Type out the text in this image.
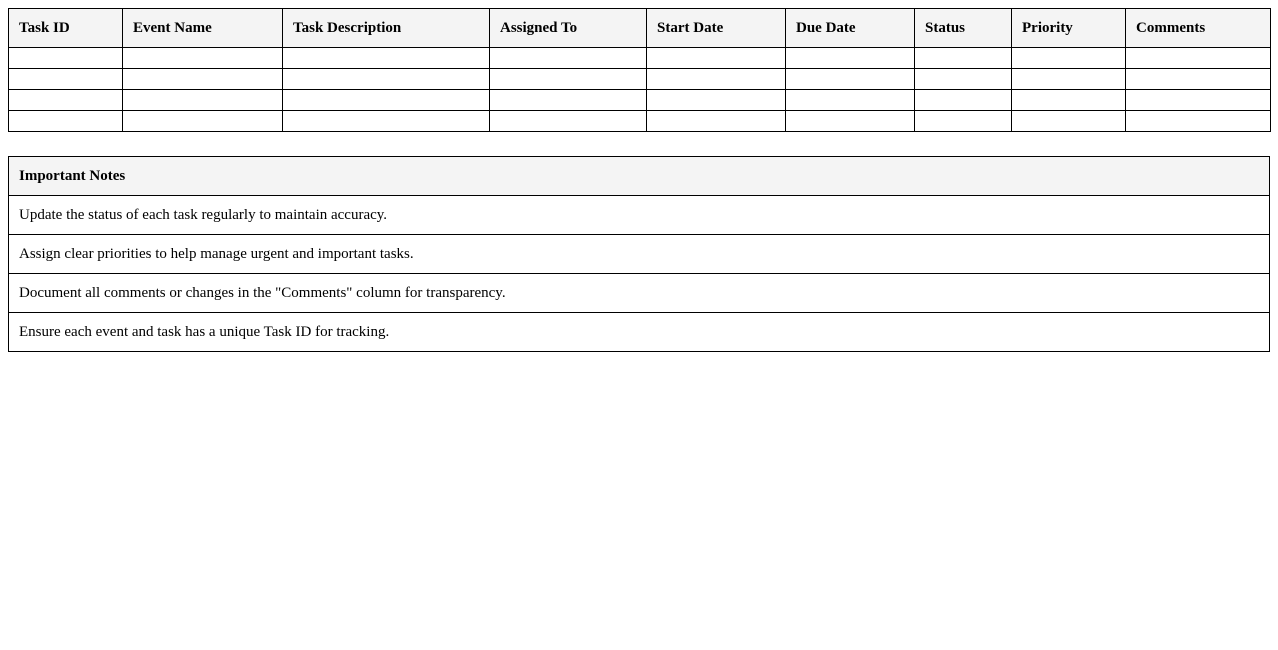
Task ID	Event Name	Task Description	Assigned To	Start Date	Due Date	Status	Priority	Comments

Important Notes
Update the status of each task regularly to maintain accuracy.
Assign clear priorities to help manage urgent and important tasks.
Document all comments or changes in the "Comments" column for transparency.
Ensure each event and task has a unique Task ID for tracking.
